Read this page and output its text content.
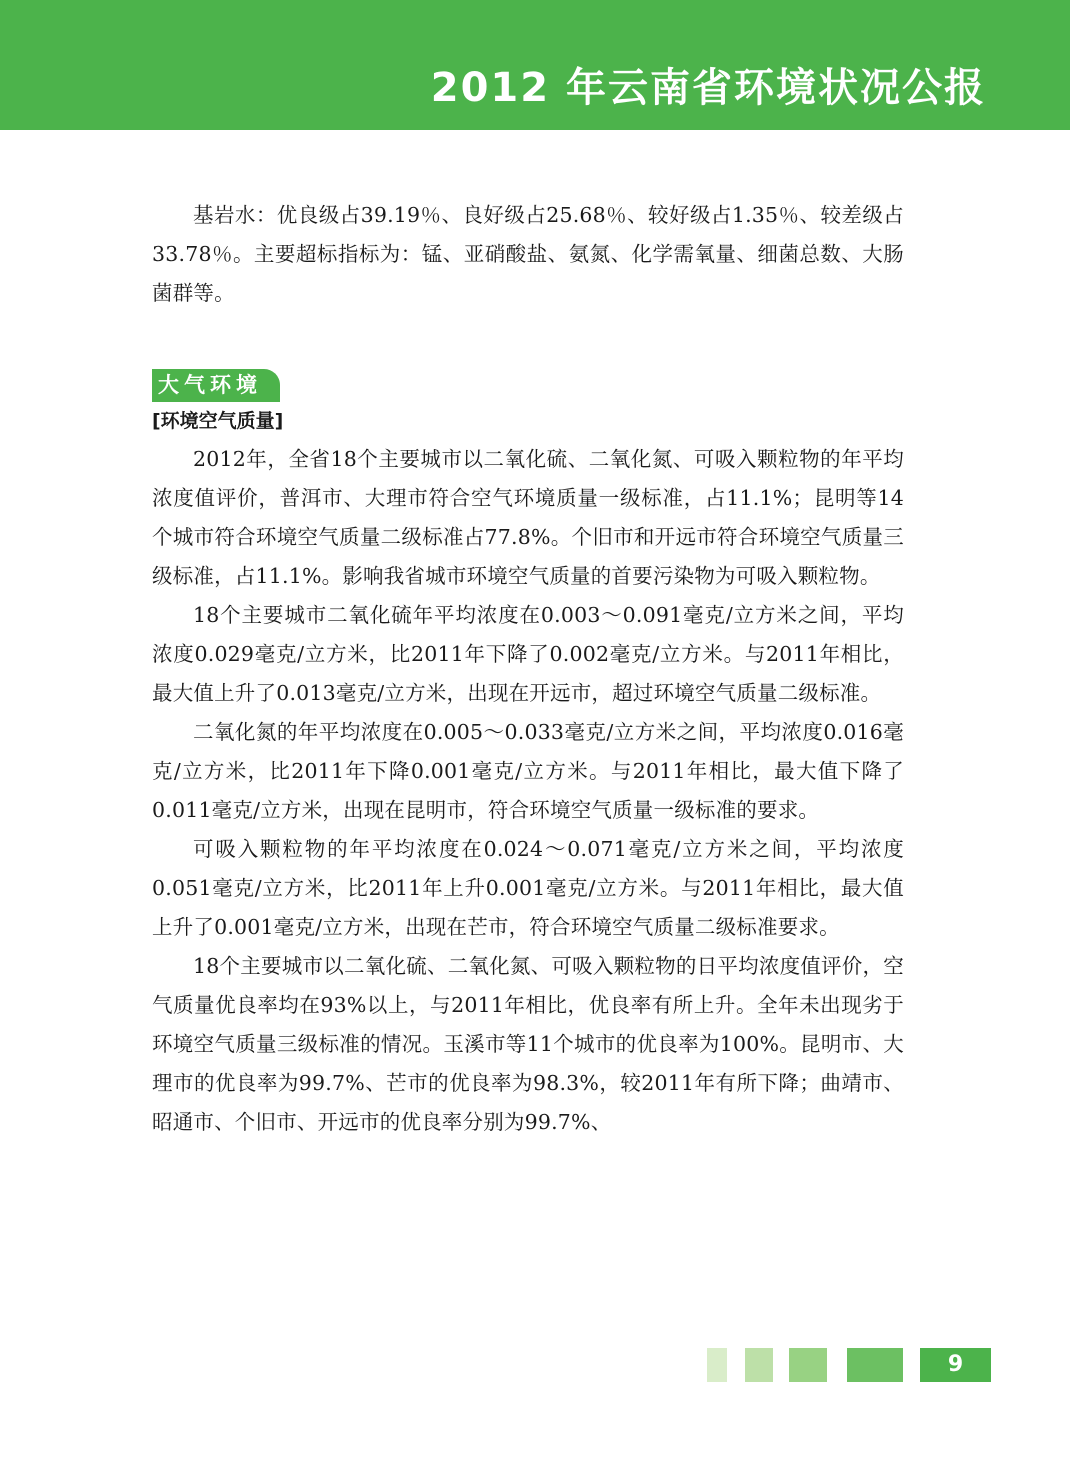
2012 年云南省环境状况公报

基岩水：优良级占39.19％、良好级占25.68％、较好级占1.35％、较差级占33.78％。主要超标指标为：锰、亚硝酸盐、氨氮、化学需氧量、细菌总数、大肠菌群等。

大气环境
[环境空气质量]

2012年，全省18个主要城市以二氧化硫、二氧化氮、可吸入颗粒物的年平均浓度值评价，普洱市、大理市符合空气环境质量一级标准，占11.1%；昆明等14个城市符合环境空气质量二级标准占77.8%。个旧市和开远市符合环境空气质量三级标准，占11.1%。影响我省城市环境空气质量的首要污染物为可吸入颗粒物。

18个主要城市二氧化硫年平均浓度在0.003～0.091毫克/立方米之间，平均浓度0.029毫克/立方米，比2011年下降了0.002毫克/立方米。与2011年相比，最大值上升了0.013毫克/立方米，出现在开远市，超过环境空气质量二级标准。

二氧化氮的年平均浓度在0.005～0.033毫克/立方米之间，平均浓度0.016毫克/立方米，比2011年下降0.001毫克/立方米。与2011年相比，最大值下降了0.011毫克/立方米，出现在昆明市，符合环境空气质量一级标准的要求。

可吸入颗粒物的年平均浓度在0.024～0.071毫克/立方米之间，平均浓度0.051毫克/立方米，比2011年上升0.001毫克/立方米。与2011年相比，最大值上升了0.001毫克/立方米，出现在芒市，符合环境空气质量二级标准要求。

18个主要城市以二氧化硫、二氧化氮、可吸入颗粒物的日平均浓度值评价，空气质量优良率均在93%以上，与2011年相比，优良率有所上升。全年未出现劣于环境空气质量三级标准的情况。玉溪市等11个城市的优良率为100%。昆明市、大理市的优良率为99.7%、芒市的优良率为98.3%，较2011年有所下降；曲靖市、昭通市、个旧市、开远市的优良率分别为99.7%、

9
